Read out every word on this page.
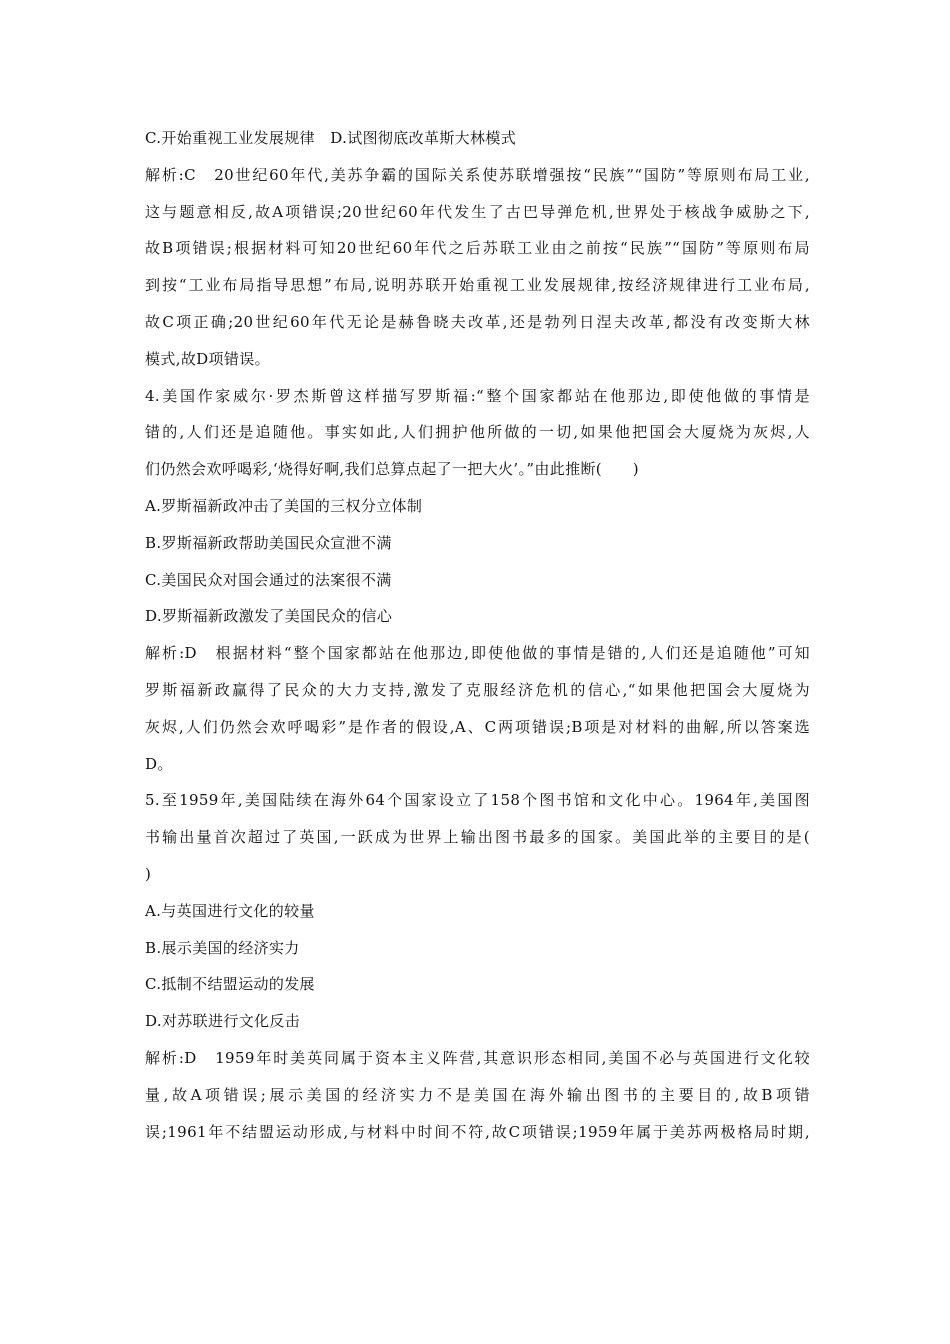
C.开始重视工业发展规律　D.试图彻底改革斯大林模式
解析:C　20世纪60年代,美苏争霸的国际关系使苏联增强按“民族”“国防”等原则布局工业,
这与题意相反,故A项错误;20世纪60年代发生了古巴导弹危机,世界处于核战争威胁之下,
故B项错误;根据材料可知20世纪60年代之后苏联工业由之前按“民族”“国防”等原则布局
到按“工业布局指导思想”布局,说明苏联开始重视工业发展规律,按经济规律进行工业布局,
故C项正确;20世纪60年代无论是赫鲁晓夫改革,还是勃列日涅夫改革,都没有改变斯大林
模式,故D项错误。
4.美国作家威尔·罗杰斯曾这样描写罗斯福:“整个国家都站在他那边,即使他做的事情是
错的,人们还是追随他。事实如此,人们拥护他所做的一切,如果他把国会大厦烧为灰烬,人
们仍然会欢呼喝彩,‘烧得好啊,我们总算点起了一把大火’。”由此推断(　　)
A.罗斯福新政冲击了美国的三权分立体制
B.罗斯福新政帮助美国民众宣泄不满
C.美国民众对国会通过的法案很不满
D.罗斯福新政激发了美国民众的信心
解析:D　根据材料“整个国家都站在他那边,即使他做的事情是错的,人们还是追随他”可知
罗斯福新政赢得了民众的大力支持,激发了克服经济危机的信心,“如果他把国会大厦烧为
灰烬,人们仍然会欢呼喝彩”是作者的假设,A、C两项错误;B项是对材料的曲解,所以答案选
D。
5.至1959年,美国陆续在海外64个国家设立了158个图书馆和文化中心。1964年,美国图
书输出量首次超过了英国,一跃成为世界上输出图书最多的国家。美国此举的主要目的是(
)
A.与英国进行文化的较量
B.展示美国的经济实力
C.抵制不结盟运动的发展
D.对苏联进行文化反击
解析:D　1959年时美英同属于资本主义阵营,其意识形态相同,美国不必与英国进行文化较
量,故A项错误;展示美国的经济实力不是美国在海外输出图书的主要目的,故B项错
误;1961年不结盟运动形成,与材料中时间不符,故C项错误;1959年属于美苏两极格局时期,
